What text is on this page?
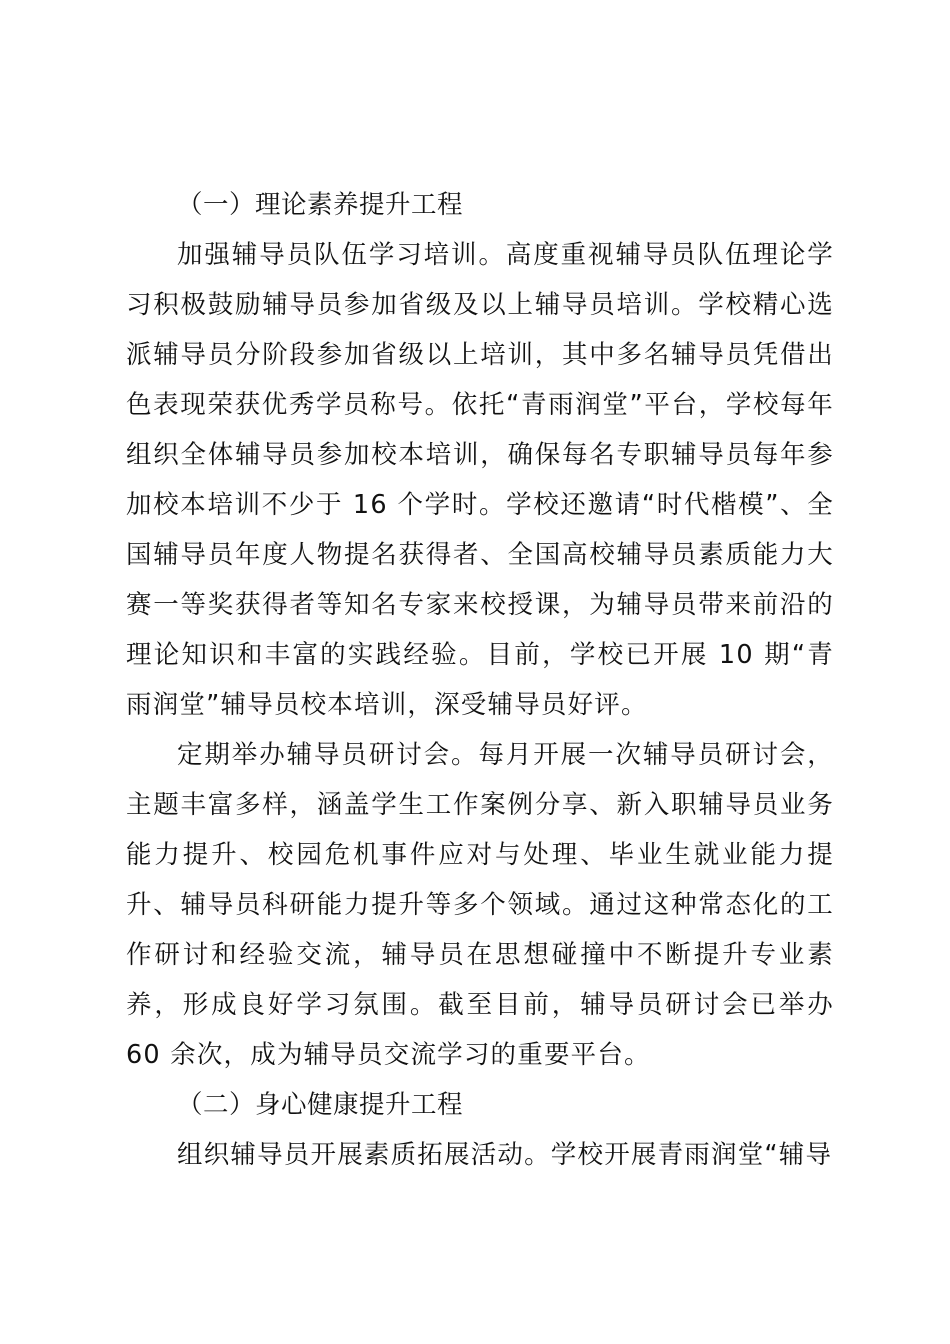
（一）理论素养提升工程

加强辅导员队伍学习培训。高度重视辅导员队伍理论学习积极鼓励辅导员参加省级及以上辅导员培训。学校精心选派辅导员分阶段参加省级以上培训，其中多名辅导员凭借出色表现荣获优秀学员称号。依托“青雨润堂”平台，学校每年组织全体辅导员参加校本培训，确保每名专职辅导员每年参加校本培训不少于 16 个学时。学校还邀请“时代楷模”、全国辅导员年度人物提名获得者、全国高校辅导员素质能力大赛一等奖获得者等知名专家来校授课，为辅导员带来前沿的理论知识和丰富的实践经验。目前，学校已开展 10 期“青雨润堂”辅导员校本培训，深受辅导员好评。

定期举办辅导员研讨会。每月开展一次辅导员研讨会，主题丰富多样，涵盖学生工作案例分享、新入职辅导员业务能力提升、校园危机事件应对与处理、毕业生就业能力提升、辅导员科研能力提升等多个领域。通过这种常态化的工作研讨和经验交流，辅导员在思想碰撞中不断提升专业素养，形成良好学习氛围。截至目前，辅导员研讨会已举办 60 余次，成为辅导员交流学习的重要平台。

（二）身心健康提升工程

组织辅导员开展素质拓展活动。学校开展青雨润堂“辅导
